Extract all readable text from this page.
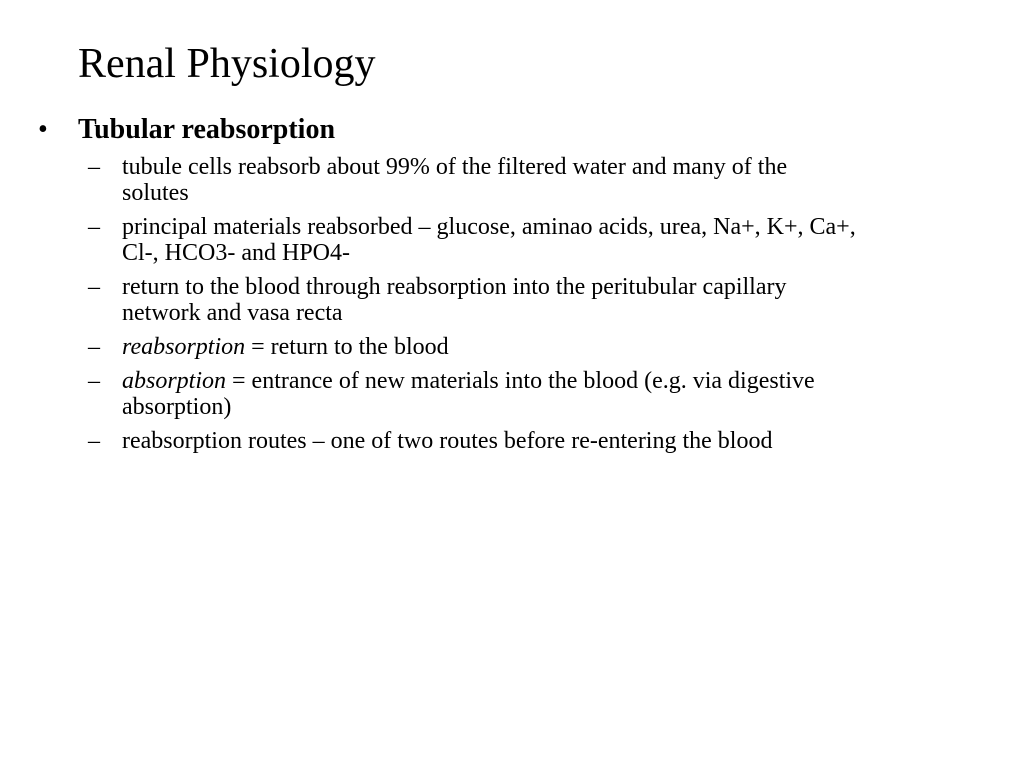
Renal Physiology
• Tubular reabsorption
– tubule cells reabsorb about 99% of the filtered water and many of the
solutes
– principal materials reabsorbed – glucose, aminao acids, urea, Na+, K+, Ca+,
Cl-, HCO3- and HPO4-
– return to the blood through reabsorption into the peritubular capillary
network and vasa recta
– reabsorption = return to the blood
– absorption = entrance of new materials into the blood (e.g. via digestive
absorption)
– reabsorption routes – one of two routes before re-entering the blood
